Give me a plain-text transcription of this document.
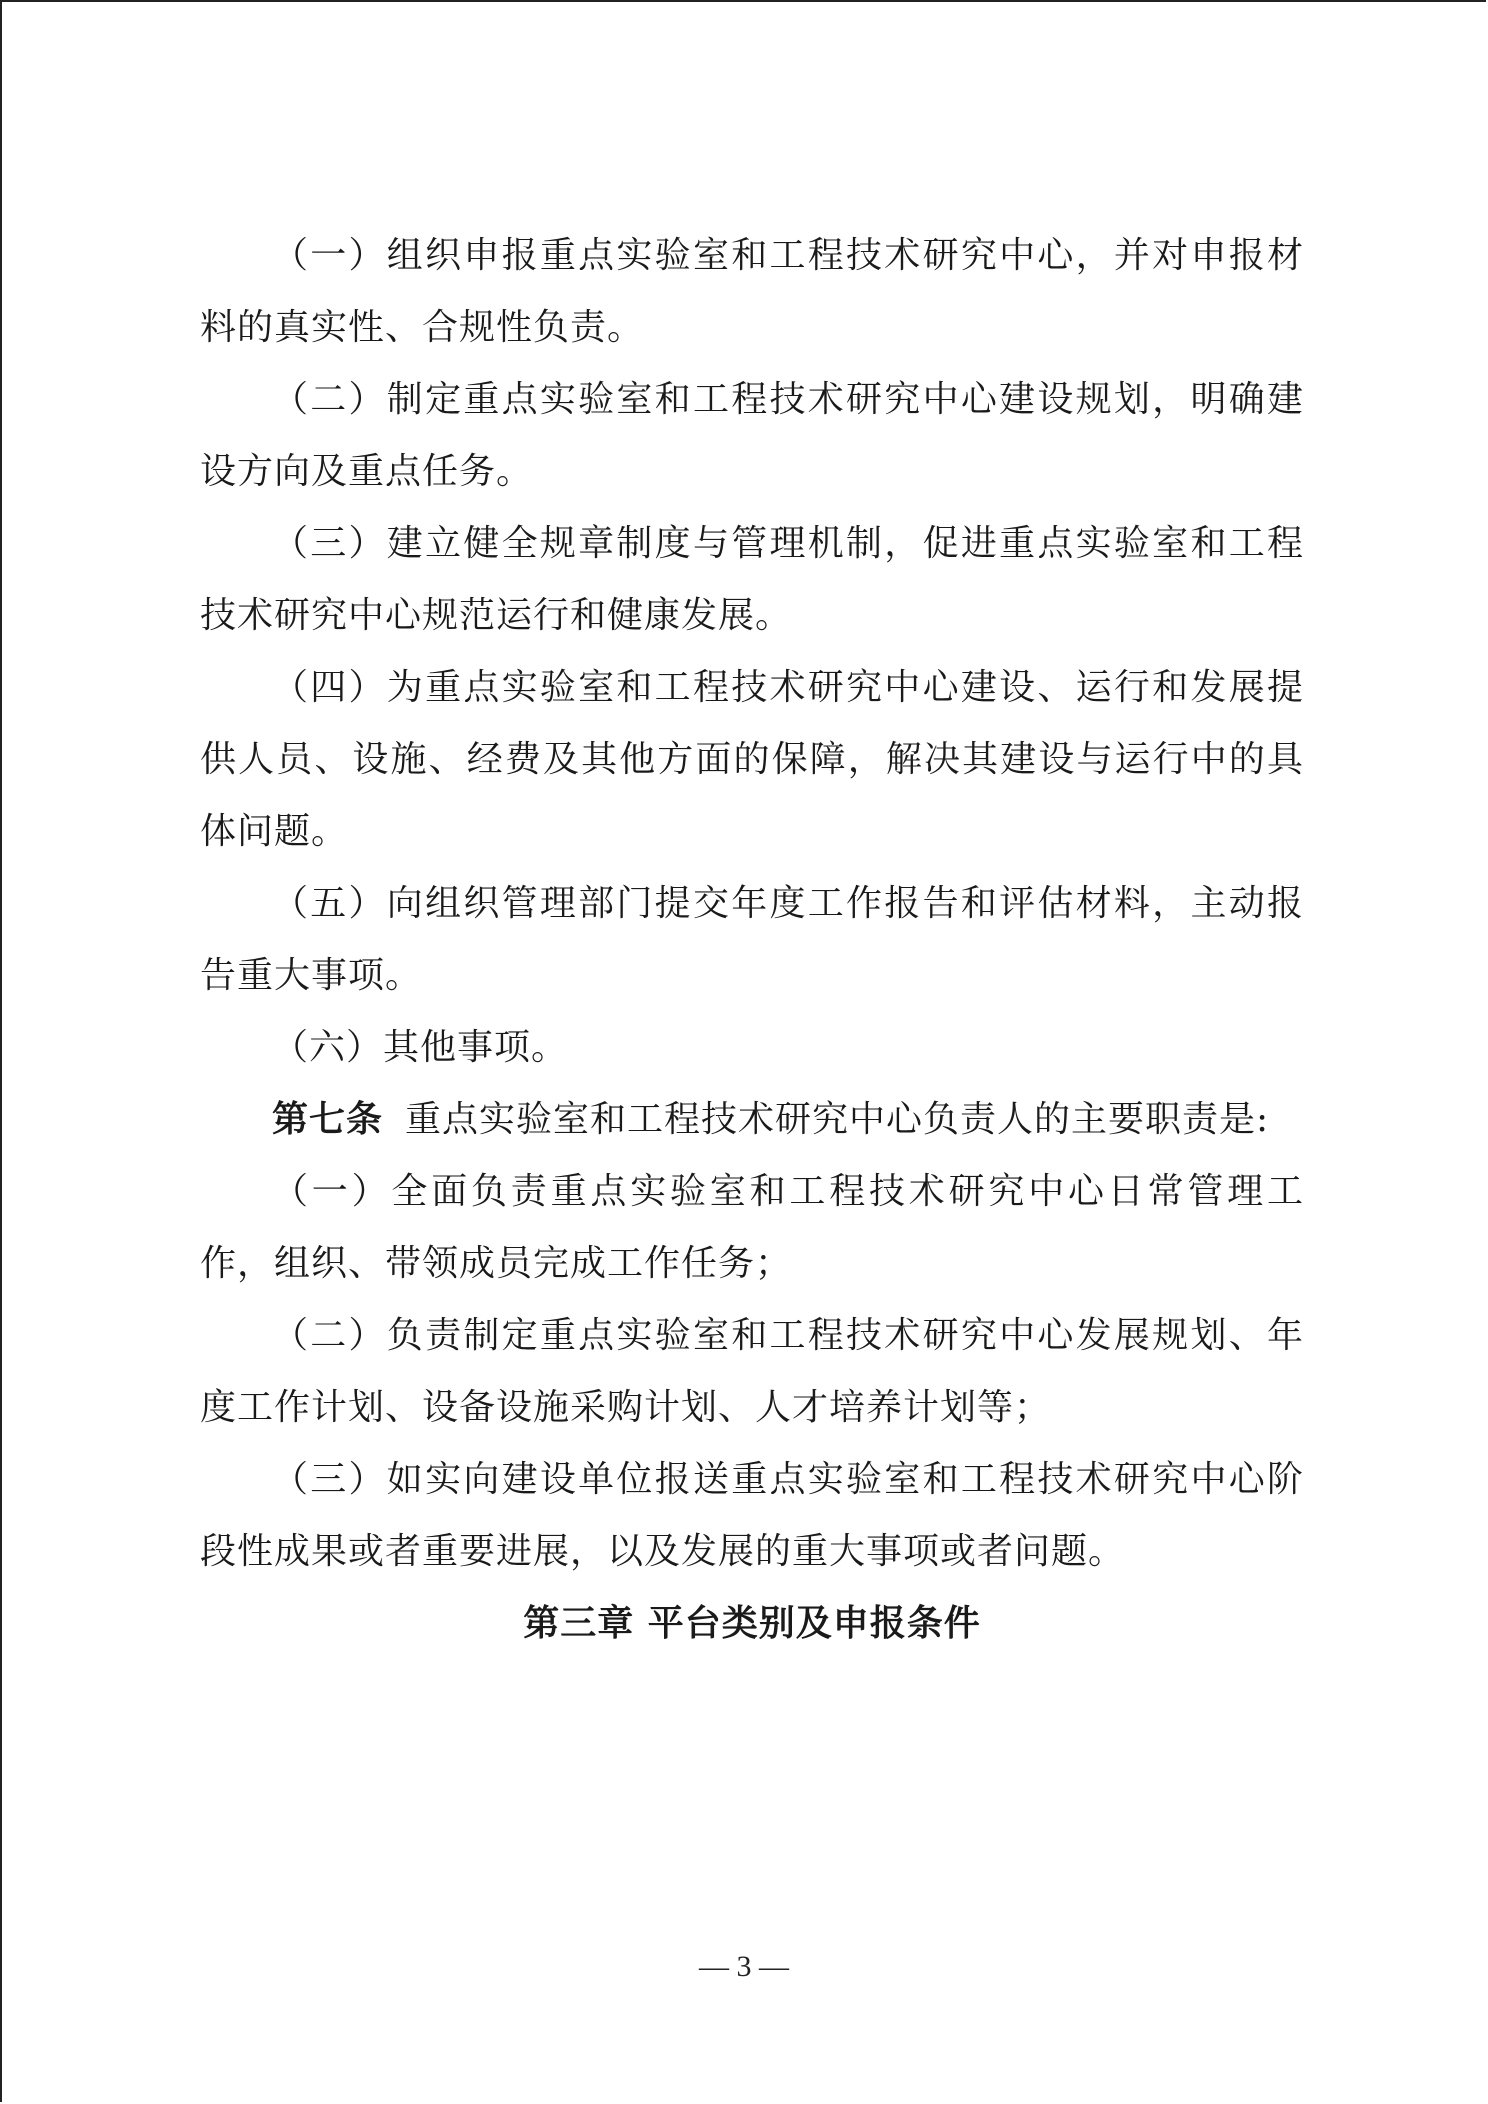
（一）组织申报重点实验室和工程技术研究中心，并对申报材料的真实性、合规性负责。

（二）制定重点实验室和工程技术研究中心建设规划，明确建设方向及重点任务。

（三）建立健全规章制度与管理机制，促进重点实验室和工程技术研究中心规范运行和健康发展。

（四）为重点实验室和工程技术研究中心建设、运行和发展提供人员、设施、经费及其他方面的保障，解决其建设与运行中的具体问题。

（五）向组织管理部门提交年度工作报告和评估材料，主动报告重大事项。

（六）其他事项。

第七条 重点实验室和工程技术研究中心负责人的主要职责是:

（一）全面负责重点实验室和工程技术研究中心日常管理工作，组织、带领成员完成工作任务；

（二）负责制定重点实验室和工程技术研究中心发展规划、年度工作计划、设备设施采购计划、人才培养计划等；

（三）如实向建设单位报送重点实验室和工程技术研究中心阶段性成果或者重要进展，以及发展的重大事项或者问题。

第三章 平台类别及申报条件

— 3 —
